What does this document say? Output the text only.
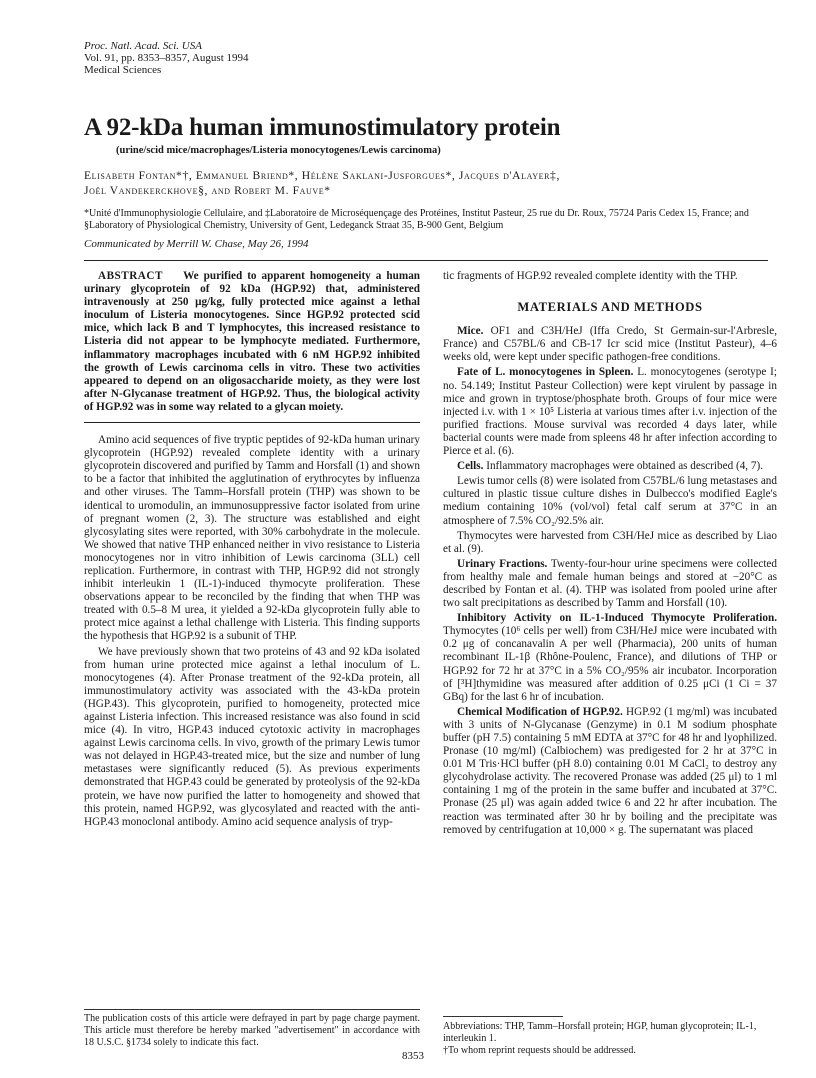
Proc. Natl. Acad. Sci. USA
Vol. 91, pp. 8353–8357, August 1994
Medical Sciences
A 92-kDa human immunostimulatory protein
(urine/scid mice/macrophages/Listeria monocytogenes/Lewis carcinoma)
Elisabeth Fontan*†, Emmanuel Briend*, Hélène Saklani-Jusforgues*, Jacques d'Alayer‡,
Joël Vandekerckhove§, and Robert M. Fauve*
*Unité d'Immunophysiologie Cellulaire, and ‡Laboratoire de Microséquençage des Protéines, Institut Pasteur, 25 rue du Dr. Roux, 75724 Paris Cedex 15, France; and §Laboratory of Physiological Chemistry, University of Gent, Ledeganck Straat 35, B-900 Gent, Belgium
Communicated by Merrill W. Chase, May 26, 1994

ABSTRACT We purified to apparent homogeneity a human urinary glycoprotein of 92 kDa (HGP.92) that, administered intravenously at 250 μg/kg, fully protected mice against a lethal inoculum of Listeria monocytogenes. Since HGP.92 protected scid mice, which lack B and T lymphocytes, this increased resistance to Listeria did not appear to be lymphocyte mediated. Furthermore, inflammatory macrophages incubated with 6 nM HGP.92 inhibited the growth of Lewis carcinoma cells in vitro. These two activities appeared to depend on an oligosaccharide moiety, as they were lost after N-Glycanase treatment of HGP.92. Thus, the biological activity of HGP.92 was in some way related to a glycan moiety.

Amino acid sequences of five tryptic peptides of 92-kDa human urinary glycoprotein (HGP.92) revealed complete identity with a urinary glycoprotein discovered and purified by Tamm and Horsfall (1) and shown to be a factor that inhibited the agglutination of erythrocytes by influenza and other viruses. The Tamm–Horsfall protein (THP) was shown to be identical to uromodulin, an immunosuppressive factor isolated from urine of pregnant women (2, 3). The structure was established and eight glycosylating sites were reported, with 30% carbohydrate in the molecule. We showed that native THP enhanced neither in vivo resistance to Listeria monocytogenes nor in vitro inhibition of Lewis carcinoma (3LL) cell replication. Furthermore, in contrast with THP, HGP.92 did not strongly inhibit interleukin 1 (IL-1)-induced thymocyte proliferation. These observations appear to be reconciled by the finding that when THP was treated with 0.5–8 M urea, it yielded a 92-kDa glycoprotein fully able to protect mice against a lethal challenge with Listeria. This finding supports the hypothesis that HGP.92 is a subunit of THP.

We have previously shown that two proteins of 43 and 92 kDa isolated from human urine protected mice against a lethal inoculum of L. monocytogenes (4). After Pronase treatment of the 92-kDa protein, all immunostimulatory activity was associated with the 43-kDa protein (HGP.43). This glycoprotein, purified to homogeneity, protected mice against Listeria infection. This increased resistance was also found in scid mice (4). In vitro, HGP.43 induced cytotoxic activity in macrophages against Lewis carcinoma cells. In vivo, growth of the primary Lewis tumor was not delayed in HGP.43-treated mice, but the size and number of lung metastases were significantly reduced (5). As previous experiments demonstrated that HGP.43 could be generated by proteolysis of the 92-kDa protein, we have now purified the latter to homogeneity and showed that this protein, named HGP.92, was glycosylated and reacted with the anti-HGP.43 monoclonal antibody. Amino acid sequence analysis of tryp-

tic fragments of HGP.92 revealed complete identity with the THP.

MATERIALS AND METHODS

Mice. OF1 and C3H/HeJ (Iffa Credo, St Germain-sur-l'Arbresle, France) and C57BL/6 and CB-17 Icr scid mice (Institut Pasteur), 4–6 weeks old, were kept under specific pathogen-free conditions.

Fate of L. monocytogenes in Spleen. L. monocytogenes (serotype I; no. 54.149; Institut Pasteur Collection) were kept virulent by passage in mice and grown in tryptose/phosphate broth. Groups of four mice were injected i.v. with 1 × 10⁵ Listeria at various times after i.v. injection of the purified fractions. Mouse survival was recorded 4 days later, while bacterial counts were made from spleens 48 hr after infection according to Pierce et al. (6).

Cells. Inflammatory macrophages were obtained as described (4, 7).

Lewis tumor cells (8) were isolated from C57BL/6 lung metastases and cultured in plastic tissue culture dishes in Dulbecco's modified Eagle's medium containing 10% (vol/vol) fetal calf serum at 37°C in an atmosphere of 7.5% CO₂/92.5% air.

Thymocytes were harvested from C3H/HeJ mice as described by Liao et al. (9).

Urinary Fractions. Twenty-four-hour urine specimens were collected from healthy male and female human beings and stored at −20°C as described by Fontan et al. (4). THP was isolated from pooled urine after two salt precipitations as described by Tamm and Horsfall (10).

Inhibitory Activity on IL-1-Induced Thymocyte Proliferation. Thymocytes (10⁶ cells per well) from C3H/HeJ mice were incubated with 0.2 μg of concanavalin A per well (Pharmacia), 200 units of human recombinant IL-1β (Rhône-Poulenc, France), and dilutions of THP or HGP.92 for 72 hr at 37°C in a 5% CO₂/95% air incubator. Incorporation of [³H]thymidine was measured after addition of 0.25 μCi (1 Ci = 37 GBq) for the last 6 hr of incubation.

Chemical Modification of HGP.92. HGP.92 (1 mg/ml) was incubated with 3 units of N-Glycanase (Genzyme) in 0.1 M sodium phosphate buffer (pH 7.5) containing 5 mM EDTA at 37°C for 48 hr and lyophilized. Pronase (10 mg/ml) (Calbiochem) was predigested for 2 hr at 37°C in 0.01 M Tris·HCl buffer (pH 8.0) containing 0.01 M CaCl₂ to destroy any glycohydrolase activity. The recovered Pronase was added (25 μl) to 1 ml containing 1 mg of the protein in the same buffer and incubated at 37°C. Pronase (25 μl) was again added twice 6 and 22 hr after incubation. The reaction was terminated after 30 hr by boiling and the precipitate was removed by centrifugation at 10,000 × g. The supernatant was placed

The publication costs of this article were defrayed in part by page charge payment. This article must therefore be hereby marked "advertisement" in accordance with 18 U.S.C. §1734 solely to indicate this fact.
Abbreviations: THP, Tamm–Horsfall protein; HGP, human glycoprotein; IL-1, interleukin 1.
†To whom reprint requests should be addressed.
8353
